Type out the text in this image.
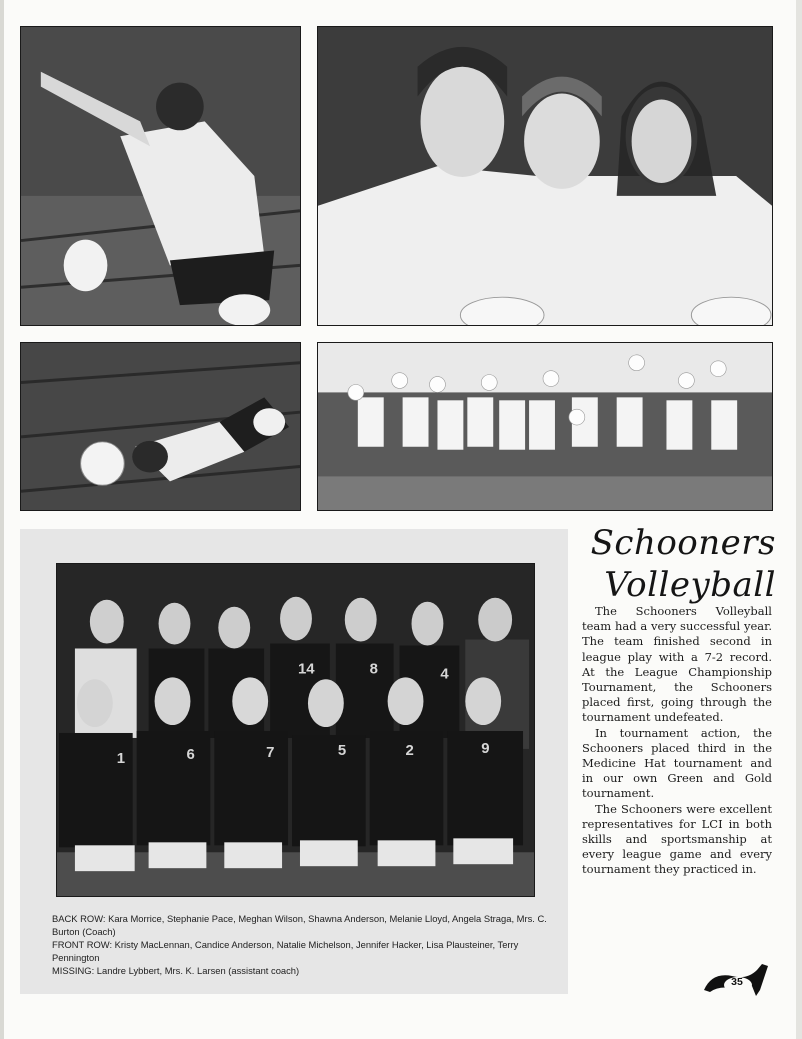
14	8	4
1	6	7	5	2	9
BACK ROW: Kara Morrice, Stephanie Pace, Meghan Wilson, Shawna Anderson, Melanie Lloyd, Angela Straga, Mrs. C. Burton (Coach)
FRONT ROW: Kristy MacLennan, Candice Anderson, Natalie Michelson, Jennifer Hacker, Lisa Plausteiner, Terry Pennington
MISSING: Landre Lybbert, Mrs. K. Larsen (assistant coach)
Schooners
Volleyball

The Schooners Volleyball team had a very successful year. The team finished second in league play with a 7-2 record. At the League Championship Tournament, the Schooners placed first, going through the tournament undefeated.

In tournament action, the Schooners placed third in the Medicine Hat tournament and in our own Green and Gold tournament.

The Schooners were excellent representatives for LCI in both skills and sportsmanship at every league game and every tournament they practiced in.

35
